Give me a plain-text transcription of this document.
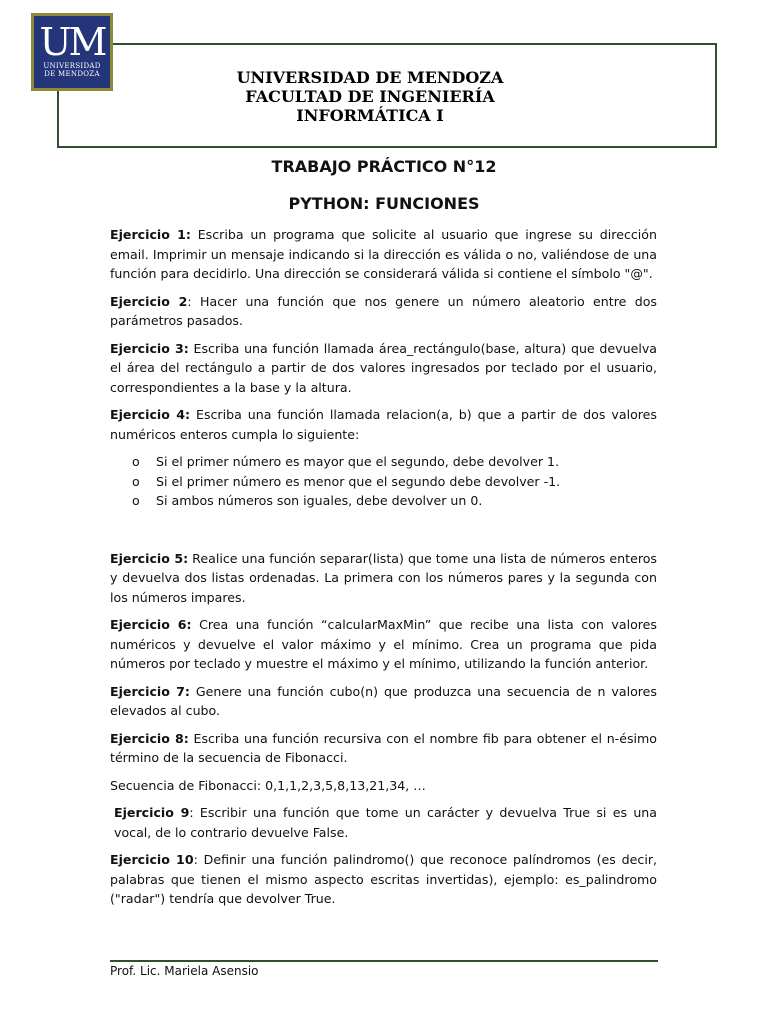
UM
UNIVERSIDAD
DE MENDOZA	UNIVERSIDAD DE MENDOZA
FACULTAD DE INGENIERÍA
INFORMÁTICA I
TRABAJO PRÁCTICO N°12
PYTHON: FUNCIONES

Ejercicio 1: Escriba un programa que solicite al usuario que ingrese su dirección email. Imprimir un mensaje indicando si la dirección es válida o no, valiéndose de una función para decidirlo. Una dirección se considerará válida si contiene el símbolo "@".

Ejercicio 2: Hacer una función que nos genere un número aleatorio entre dos parámetros pasados.

Ejercicio 3: Escriba una función llamada área_rectángulo(base, altura) que devuelva el área del rectángulo a partir de dos valores ingresados por teclado por el usuario, correspondientes a la base y la altura.

Ejercicio 4: Escriba una función llamada relacion(a, b) que a partir de dos valores numéricos enteros cumpla lo siguiente:

o Si el primer número es mayor que el segundo, debe devolver 1.
o Si el primer número es menor que el segundo debe devolver -1.
o Si ambos números son iguales, debe devolver un 0.

Ejercicio 5: Realice una función separar(lista) que tome una lista de números enteros y devuelva dos listas ordenadas. La primera con los números pares y la segunda con los números impares.

Ejercicio 6: Crea una función “calcularMaxMin” que recibe una lista con valores numéricos y devuelve el valor máximo y el mínimo. Crea un programa que pida números por teclado y muestre el máximo y el mínimo, utilizando la función anterior.

Ejercicio 7: Genere una función cubo(n) que produzca una secuencia de n valores elevados al cubo.

Ejercicio 8: Escriba una función recursiva con el nombre fib para obtener el n-ésimo término de la secuencia de Fibonacci.

Secuencia de Fibonacci: 0,1,1,2,3,5,8,13,21,34, …

Ejercicio 9: Escribir una función que tome un carácter y devuelva True si es una vocal, de lo contrario devuelve False.

Ejercicio 10: Definir una función palindromo() que reconoce palíndromos (es decir, palabras que tienen el mismo aspecto escritas invertidas), ejemplo: es_palindromo ("radar") tendría que devolver True.

Prof. Lic. Mariela Asensio
